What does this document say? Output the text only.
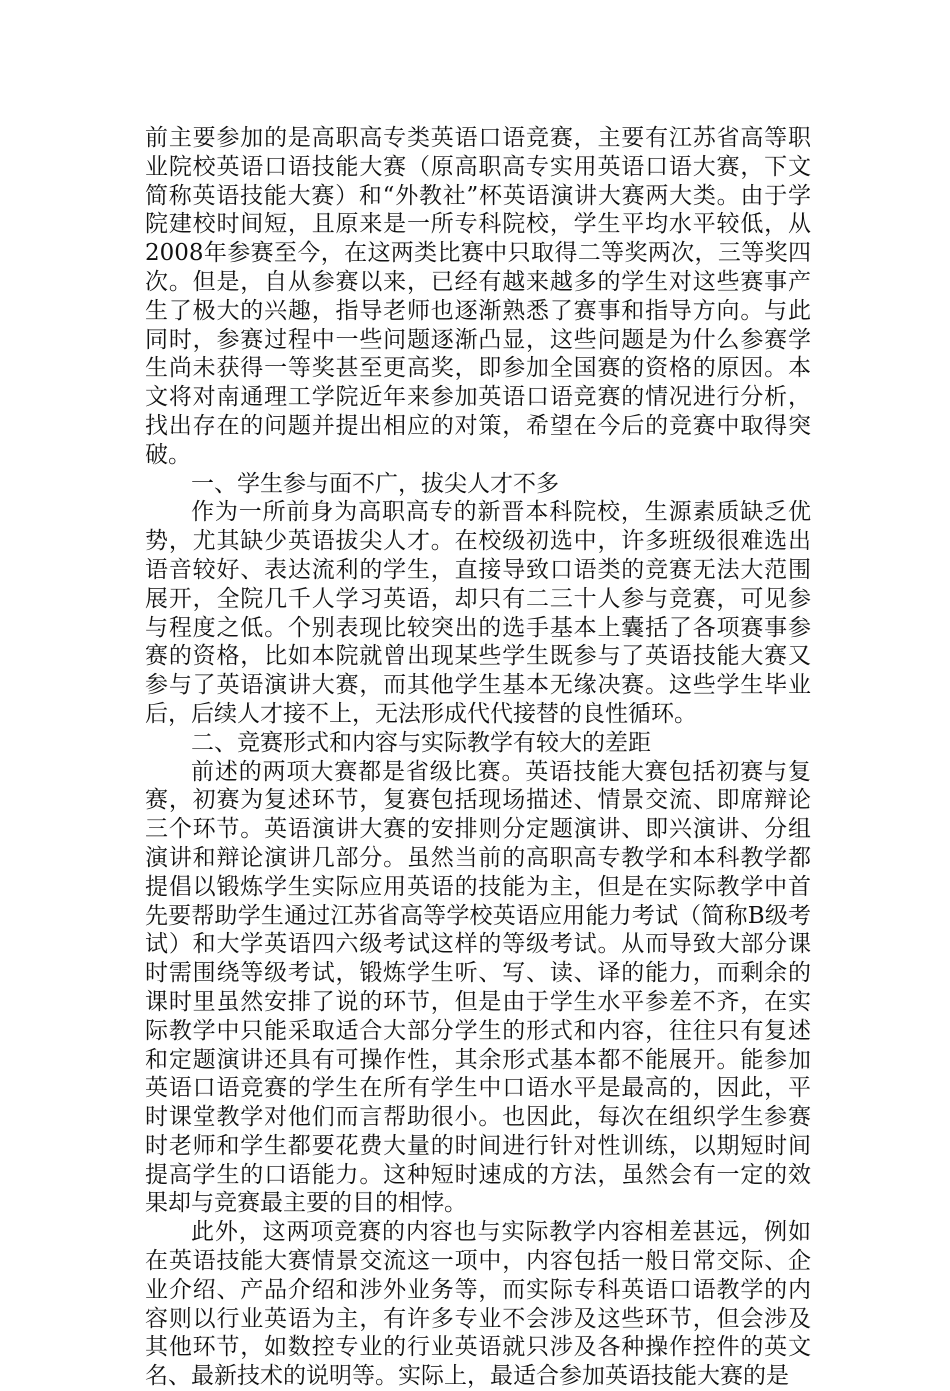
前主要参加的是高职高专类英语口语竞赛，主要有江苏省高等职业院校英语口语技能大赛（原高职高专实用英语口语大赛，下文简称英语技能大赛）和“外教社”杯英语演讲大赛两大类。由于学院建校时间短，且原来是一所专科院校，学生平均水平较低，从2008年参赛至今，在这两类比赛中只取得二等奖两次，三等奖四次。但是，自从参赛以来，已经有越来越多的学生对这些赛事产生了极大的兴趣，指导老师也逐渐熟悉了赛事和指导方向。与此同时，参赛过程中一些问题逐渐凸显，这些问题是为什么参赛学生尚未获得一等奖甚至更高奖，即参加全国赛的资格的原因。本文将对南通理工学院近年来参加英语口语竞赛的情况进行分析，找出存在的问题并提出相应的对策，希望在今后的竞赛中取得突破。

一、学生参与面不广，拔尖人才不多

作为一所前身为高职高专的新晋本科院校，生源素质缺乏优势，尤其缺少英语拔尖人才。在校级初选中，许多班级很难选出语音较好、表达流利的学生，直接导致口语类的竞赛无法大范围展开，全院几千人学习英语，却只有二三十人参与竞赛，可见参与程度之低。个别表现比较突出的选手基本上囊括了各项赛事参赛的资格，比如本院就曾出现某些学生既参与了英语技能大赛又参与了英语演讲大赛，而其他学生基本无缘决赛。这些学生毕业后，后续人才接不上，无法形成代代接替的良性循环。

二、竞赛形式和内容与实际教学有较大的差距

前述的两项大赛都是省级比赛。英语技能大赛包括初赛与复赛，初赛为复述环节，复赛包括现场描述、情景交流、即席辩论三个环节。英语演讲大赛的安排则分定题演讲、即兴演讲、分组演讲和辩论演讲几部分。虽然当前的高职高专教学和本科教学都提倡以锻炼学生实际应用英语的技能为主，但是在实际教学中首先要帮助学生通过江苏省高等学校英语应用能力考试（简称B级考试）和大学英语四六级考试这样的等级考试。从而导致大部分课时需围绕等级考试，锻炼学生听、写、读、译的能力，而剩余的课时里虽然安排了说的环节，但是由于学生水平参差不齐，在实际教学中只能采取适合大部分学生的形式和内容，往往只有复述和定题演讲还具有可操作性，其余形式基本都不能展开。能参加英语口语竞赛的学生在所有学生中口语水平是最高的，因此，平时课堂教学对他们而言帮助很小。也因此，每次在组织学生参赛时老师和学生都要花费大量的时间进行针对性训练，以期短时间提高学生的口语能力。这种短时速成的方法，虽然会有一定的效果却与竞赛最主要的目的相悖。

此外，这两项竞赛的内容也与实际教学内容相差甚远，例如在英语技能大赛情景交流这一项中，内容包括一般日常交际、企业介绍、产品介绍和涉外业务等，而实际专科英语口语教学的内容则以行业英语为主，有许多专业不会涉及这些环节，但会涉及其他环节，如数控专业的行业英语就只涉及各种操作控件的英文名、最新技术的说明等。实际上，最适合参加英语技能大赛的是
